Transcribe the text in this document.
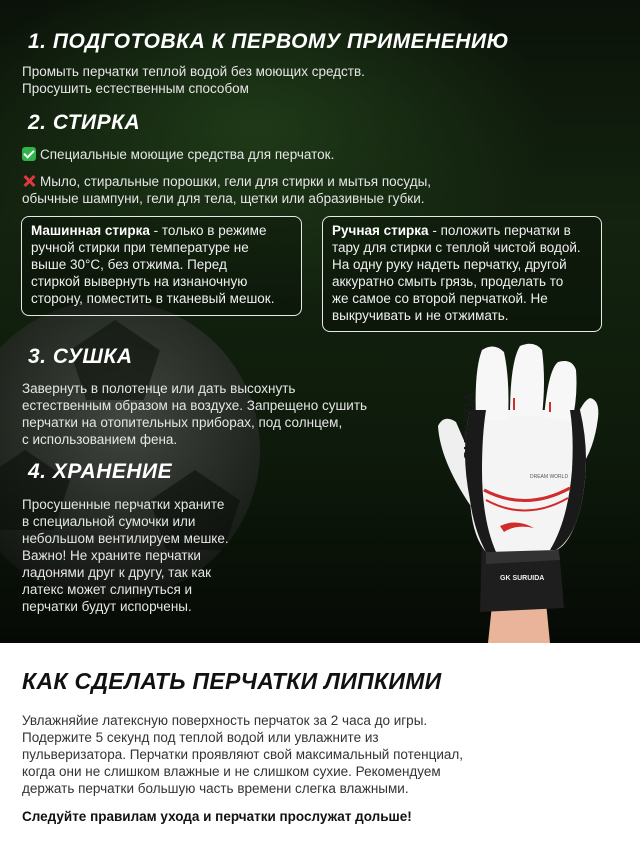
1. ПОДГОТОВКА К ПЕРВОМУ ПРИМЕНЕНИЮ
Промыть перчатки теплой водой без моющих средств.
Просушить естественным способом
2. СТИРКА
Специальные моющие средства для перчаток.
Мыло, стиральные порошки, гели для стирки и мытья посуды,
обычные шампуни, гели для тела, щетки или абразивные губки.
Машинная стирка - только в режиме
ручной стирки при температуре не
выше 30°С, без отжима. Перед
стиркой вывернуть на изнаночную
сторону, поместить в тканевый мешок.
Ручная стирка - положить перчатки в
тару для стирки с теплой чистой водой.
На одну руку надеть перчатку, другой
аккуратно смыть грязь, проделать то
же самое со второй перчаткой. Не
выкручивать и не отжимать.
3. СУШКА
Завернуть в полотенце или дать высохнуть
естественным образом на воздухе. Запрещено сушить
перчатки на отопительных приборах, под солнцем,
с использованием фена.
4. ХРАНЕНИЕ
Просушенные перчатки храните
в специальной сумочки или
небольшом вентилируем мешке.
Важно! Не храните перчатки
ладонями друг к другу, так как
латекс может слипнуться и
перчатки будут испорчены.
SURUIDA
DREAM WORLD
GK SURUIDA
КАК СДЕЛАТЬ ПЕРЧАТКИ ЛИПКИМИ
Увлажняйие латексную поверхность перчаток за 2 часа до игры.
Подержите 5 секунд под теплой водой или увлажните из
пульверизатора. Перчатки проявляют свой максимальный потенциал,
когда они не слишком влажные и не слишком сухие. Рекомендуем
держать перчатки большую часть времени слегка влажными.

Следуйте правилам ухода и перчатки прослужат дольше!
